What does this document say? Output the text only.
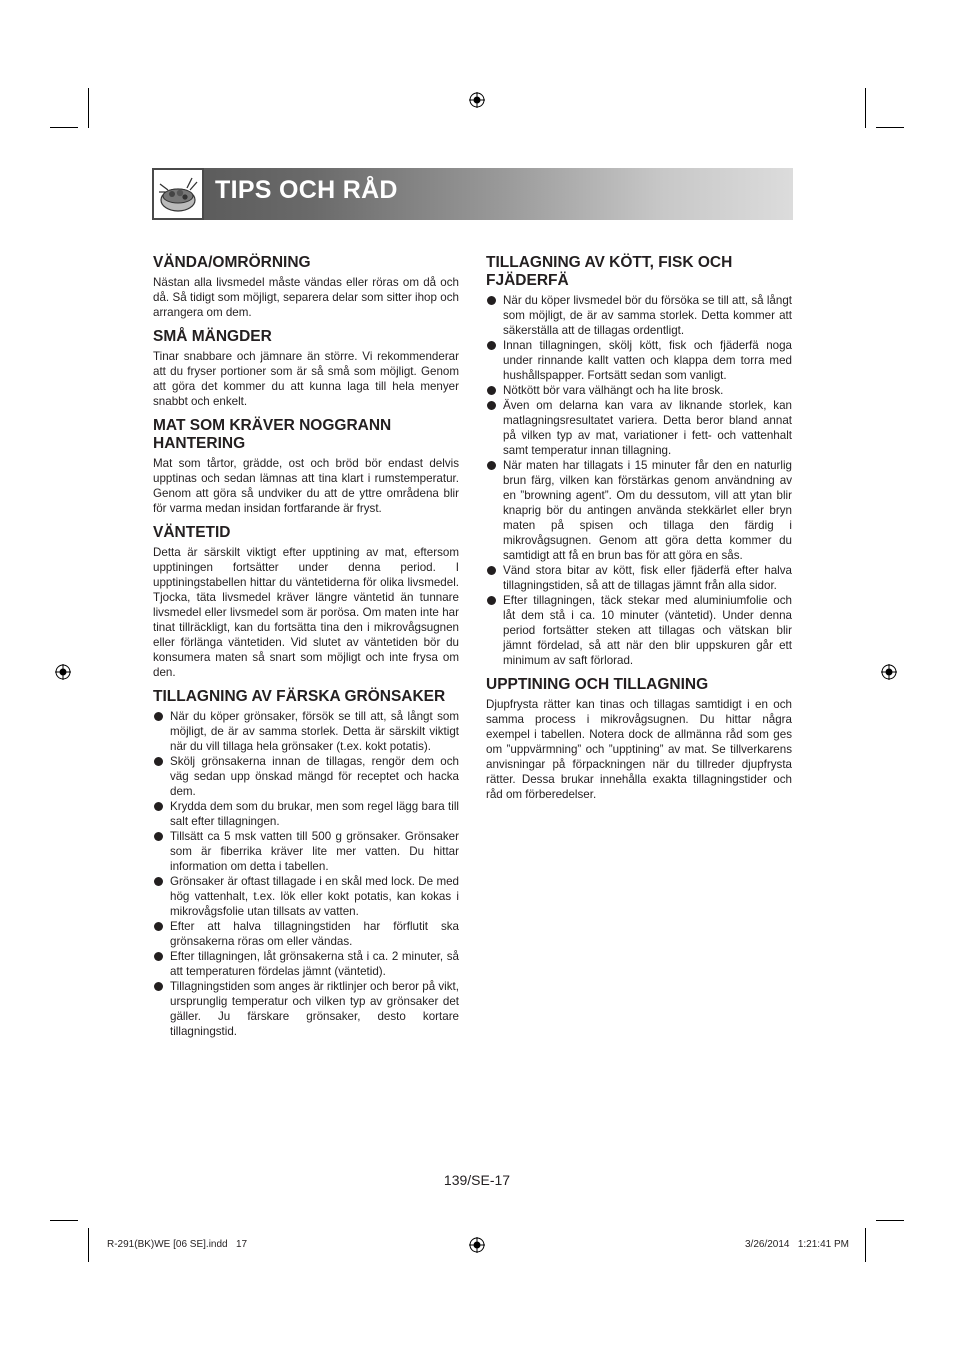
TIPS OCH RÅD
VÄNDA/OMRÖRNING

Nästan alla livsmedel måste vändas eller röras om då och då. Så tidigt som möjligt, separera delar som sitter ihop och arrangera om dem.

SMÅ MÄNGDER

Tinar snabbare och jämnare än större. Vi rekommenderar att du fryser portioner som är så små som möjligt. Genom att göra det kommer du att kunna laga till hela menyer snabbt och enkelt.

MAT SOM KRÄVER NOGGRANN HANTERING

Mat som tårtor, grädde, ost och bröd bör endast delvis upptinas och sedan lämnas att tina klart i rumstemperatur. Genom att göra så undviker du att de yttre områdena blir för varma medan insidan fortfarande är fryst.

VÄNTETID

Detta är särskilt viktigt efter upptining av mat, eftersom upptiningen fortsätter under denna period. I upptiningstabellen hittar du väntetiderna för olika livsmedel. Tjocka, täta livsmedel kräver längre väntetid än tunnare livsmedel eller livsmedel som är porösa. Om maten inte har tinat tillräckligt, kan du fortsätta tina den i mikrovågsugnen eller förlänga väntetiden. Vid slutet av väntetiden bör du konsumera maten så snart som möjligt och inte frysa om den.

TILLAGNING AV FÄRSKA GRÖNSAKER
När du köper grönsaker, försök se till att, så långt som möjligt, de är av samma storlek. Detta är särskilt viktigt när du vill tillaga hela grönsaker (t.ex. kokt potatis).
Skölj grönsakerna innan de tillagas, rengör dem och väg sedan upp önskad mängd för receptet och hacka dem.
Krydda dem som du brukar, men som regel lägg bara till salt efter tillagningen.
Tillsätt ca 5 msk vatten till 500 g grönsaker. Grönsaker som är fiberrika kräver lite mer vatten. Du hittar information om detta i tabellen.
Grönsaker är oftast tillagade i en skål med lock. De med hög vattenhalt, t.ex. lök eller kokt potatis, kan kokas i mikrovågsfolie utan tillsats av vatten.
Efter att halva tillagningstiden har förflutit ska grönsakerna röras om eller vändas.
Efter tillagningen, låt grönsakerna stå i ca. 2 minuter, så att temperaturen fördelas jämnt (väntetid).
Tillagningstiden som anges är riktlinjer och beror på vikt, ursprunglig temperatur och vilken typ av grönsaker det gäller. Ju färskare grönsaker, desto kortare tillagningstid.
TILLAGNING AV KÖTT, FISK OCH FJÄDERFÄ
När du köper livsmedel bör du försöka se till att, så långt som möjligt, de är av samma storlek. Detta kommer att säkerställa att de tillagas ordentligt.
Innan tillagningen, skölj kött, fisk och fjäderfä noga under rinnande kallt vatten och klappa dem torra med hushållspapper. Fortsätt sedan som vanligt.
Nötkött bör vara välhängt och ha lite brosk.
Även om delarna kan vara av liknande storlek, kan matlagningsresultatet variera. Detta beror bland annat på vilken typ av mat, variationer i fett- och vattenhalt samt temperatur innan tillagning.
När maten har tillagats i 15 minuter får den en naturlig brun färg, vilken kan förstärkas genom användning av en ”browning agent”. Om du dessutom, vill att ytan blir knaprig bör du antingen använda stekkärlet eller bryn maten på spisen och tillaga den färdig i mikrovågsugnen. Genom att göra detta kommer du samtidigt att få en brun bas för att göra en sås.
Vänd stora bitar av kött, fisk eller fjäderfä efter halva tillagningstiden, så att de tillagas jämnt från alla sidor.
Efter tillagningen, täck stekar med aluminiumfolie och låt dem stå i ca. 10 minuter (väntetid). Under denna period fortsätter steken att tillagas och vätskan blir jämnt fördelad, så att när den blir uppskuren går ett minimum av saft förlorad.
UPPTINING OCH TILLAGNING

Djupfrysta rätter kan tinas och tillagas samtidigt i en och samma process i mikrovågsugnen. Du hittar några exempel i tabellen. Notera dock de allmänna råd som ges om ”uppvärmning” och ”upptining” av mat. Se tillverkarens anvisningar på förpackningen när du tillreder djupfrysta rätter. Dessa brukar innehålla exakta tillagningstider och råd om förberedelser.

139/SE-17
R-291(BK)WE [06 SE].indd   17	3/26/2014   1:21:41 PM
